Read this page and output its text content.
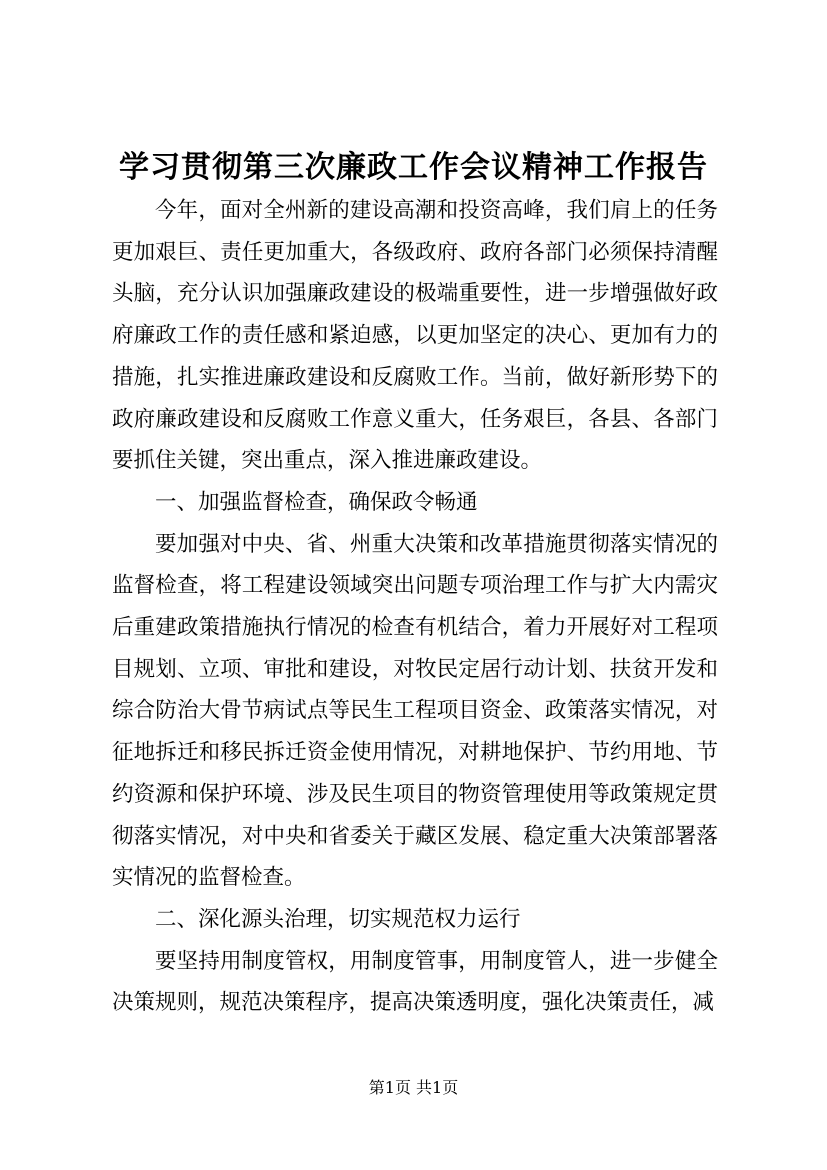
学习贯彻第三次廉政工作会议精神工作报告

今年，面对全州新的建设高潮和投资高峰，我们肩上的任务更加艰巨、责任更加重大，各级政府、政府各部门必须保持清醒头脑，充分认识加强廉政建设的极端重要性，进一步增强做好政府廉政工作的责任感和紧迫感，以更加坚定的决心、更加有力的措施，扎实推进廉政建设和反腐败工作。当前，做好新形势下的政府廉政建设和反腐败工作意义重大，任务艰巨，各县、各部门要抓住关键，突出重点，深入推进廉政建设。

一、加强监督检查，确保政令畅通

要加强对中央、省、州重大决策和改革措施贯彻落实情况的监督检查，将工程建设领域突出问题专项治理工作与扩大内需灾后重建政策措施执行情况的检查有机结合，着力开展好对工程项目规划、立项、审批和建设，对牧民定居行动计划、扶贫开发和综合防治大骨节病试点等民生工程项目资金、政策落实情况，对征地拆迁和移民拆迁资金使用情况，对耕地保护、节约用地、节约资源和保护环境、涉及民生项目的物资管理使用等政策规定贯彻落实情况，对中央和省委关于藏区发展、稳定重大决策部署落实情况的监督检查。

二、深化源头治理，切实规范权力运行

要坚持用制度管权，用制度管事，用制度管人，进一步健全决策规则，规范决策程序，提高决策透明度，强化决策责任，减

第1页 共1页
